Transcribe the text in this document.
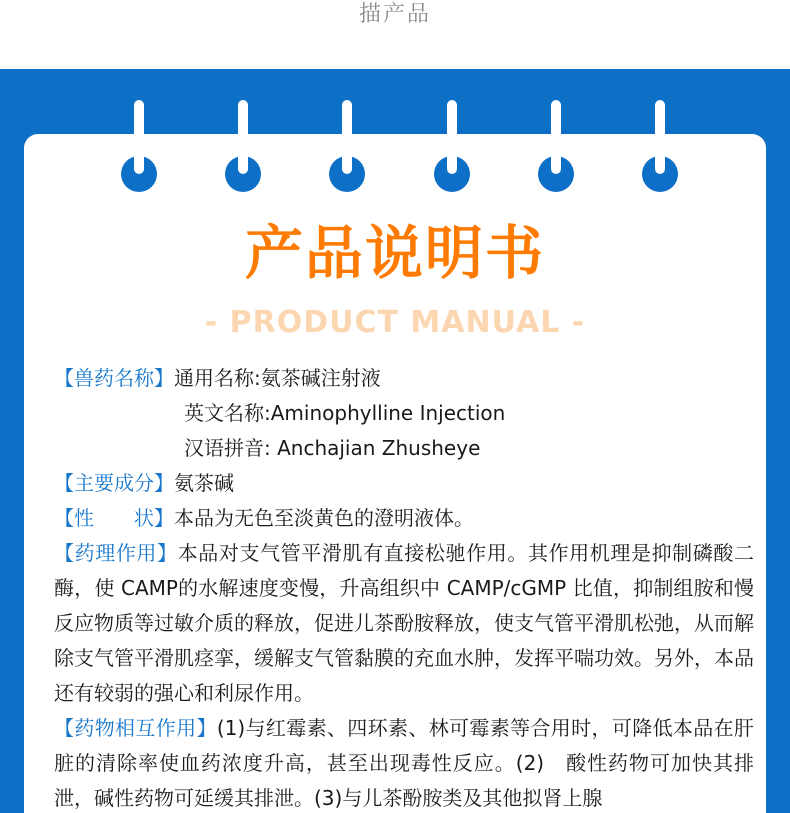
描产品
产品说明书
- PRODUCT MANUAL -
【兽药名称】通用名称:氨茶碱注射液
英文名称:Aminophylline Injection
汉语拼音: Anchajian Zhusheye
【主要成分】氨茶碱
【性　　状】本品为无色至淡黄色的澄明液体。
【药理作用】本品对支气管平滑肌有直接松驰作用。其作用机理是抑制磷酸二酶，使 CAMP的水解速度变慢，升高组织中 CAMP/cGMP 比值，抑制组胺和慢反应物质等过敏介质的释放，促进儿茶酚胺释放，使支气管平滑肌松弛，从而解除支气管平滑肌痉挛，缓解支气管黏膜的充血水肿，发挥平喘功效。另外，本品还有较弱的强心和利尿作用。
【药物相互作用】(1)与红霉素、四环素、林可霉素等合用时，可降低本品在肝脏的清除率使血药浓度升高，甚至出现毒性反应。(2)　酸性药物可加快其排泄，碱性药物可延缓其排泄。(3)与儿茶酚胺类及其他拟肾上腺
